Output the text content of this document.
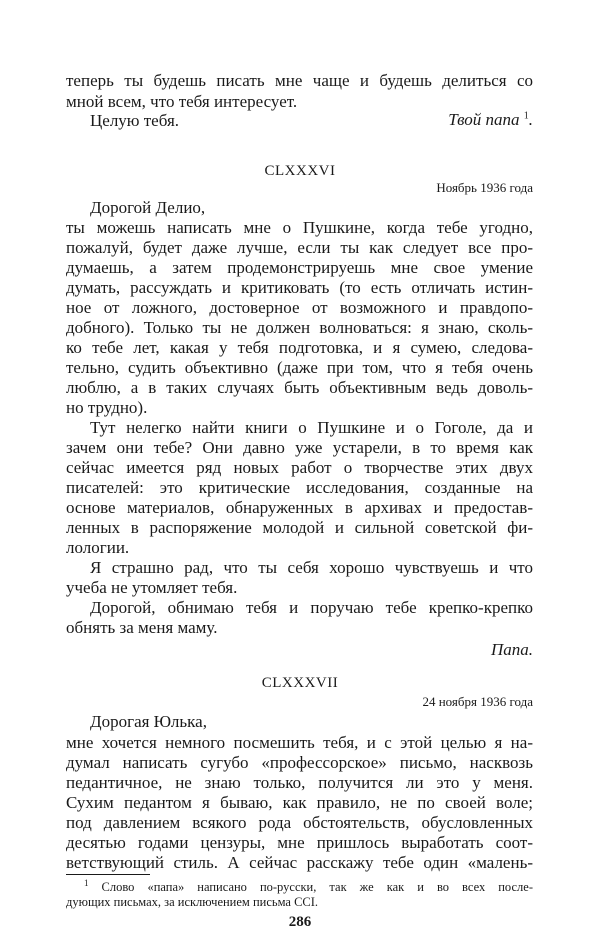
теперь ты будешь писать мне чаще и будешь делиться со
мной всем, что тебя интересует.
Целую тебя.	Твой папа $^1$.
CLXXXVI
Ноябрь 1936 года
Дорогой Делио,
ты можешь написать мне о Пушкине, когда тебе угодно,
пожалуй, будет даже лучше, если ты как следует все про-
думаешь, а затем продемонстрируешь мне свое умение
думать, рассуждать и критиковать (то есть отличать истин-
ное от ложного, достоверное от возможного и правдопо-
добного). Только ты не должен волноваться: я знаю, сколь-
ко тебе лет, какая у тебя подготовка, и я сумею, следова-
тельно, судить объективно (даже при том, что я тебя очень
люблю, а в таких случаях быть объективным ведь доволь-
но трудно).
Тут нелегко найти книги о Пушкине и о Гоголе, да и
зачем они тебе? Они давно уже устарели, в то время как
сейчас имеется ряд новых работ о творчестве этих двух
писателей: это критические исследования, созданные на
основе материалов, обнаруженных в архивах и предостав-
ленных в распоряжение молодой и сильной советской фи-
лологии.
Я страшно рад, что ты себя хорошо чувствуешь и что
учеба не утомляет тебя.
Дорогой, обнимаю тебя и поручаю тебе крепко-крепко
обнять за меня маму.
Папа.
CLXXXVII
24 ноября 1936 года
Дорогая Юлька,
мне хочется немного посмешить тебя, и с этой целью я на-
думал написать сугубо «профессорское» письмо, насквозь
педантичное, не знаю только, получится ли это у меня.
Сухим педантом я бываю, как правило, не по своей воле;
под давлением всякого рода обстоятельств, обусловленных
десятью годами цензуры, мне пришлось выработать соот-
ветствующий стиль. А сейчас расскажу тебе один «малень-
$^1$ Слово «папа» написано по-русски, так же как и во всех после-
дующих письмах, за исключением письма CCI.
286
